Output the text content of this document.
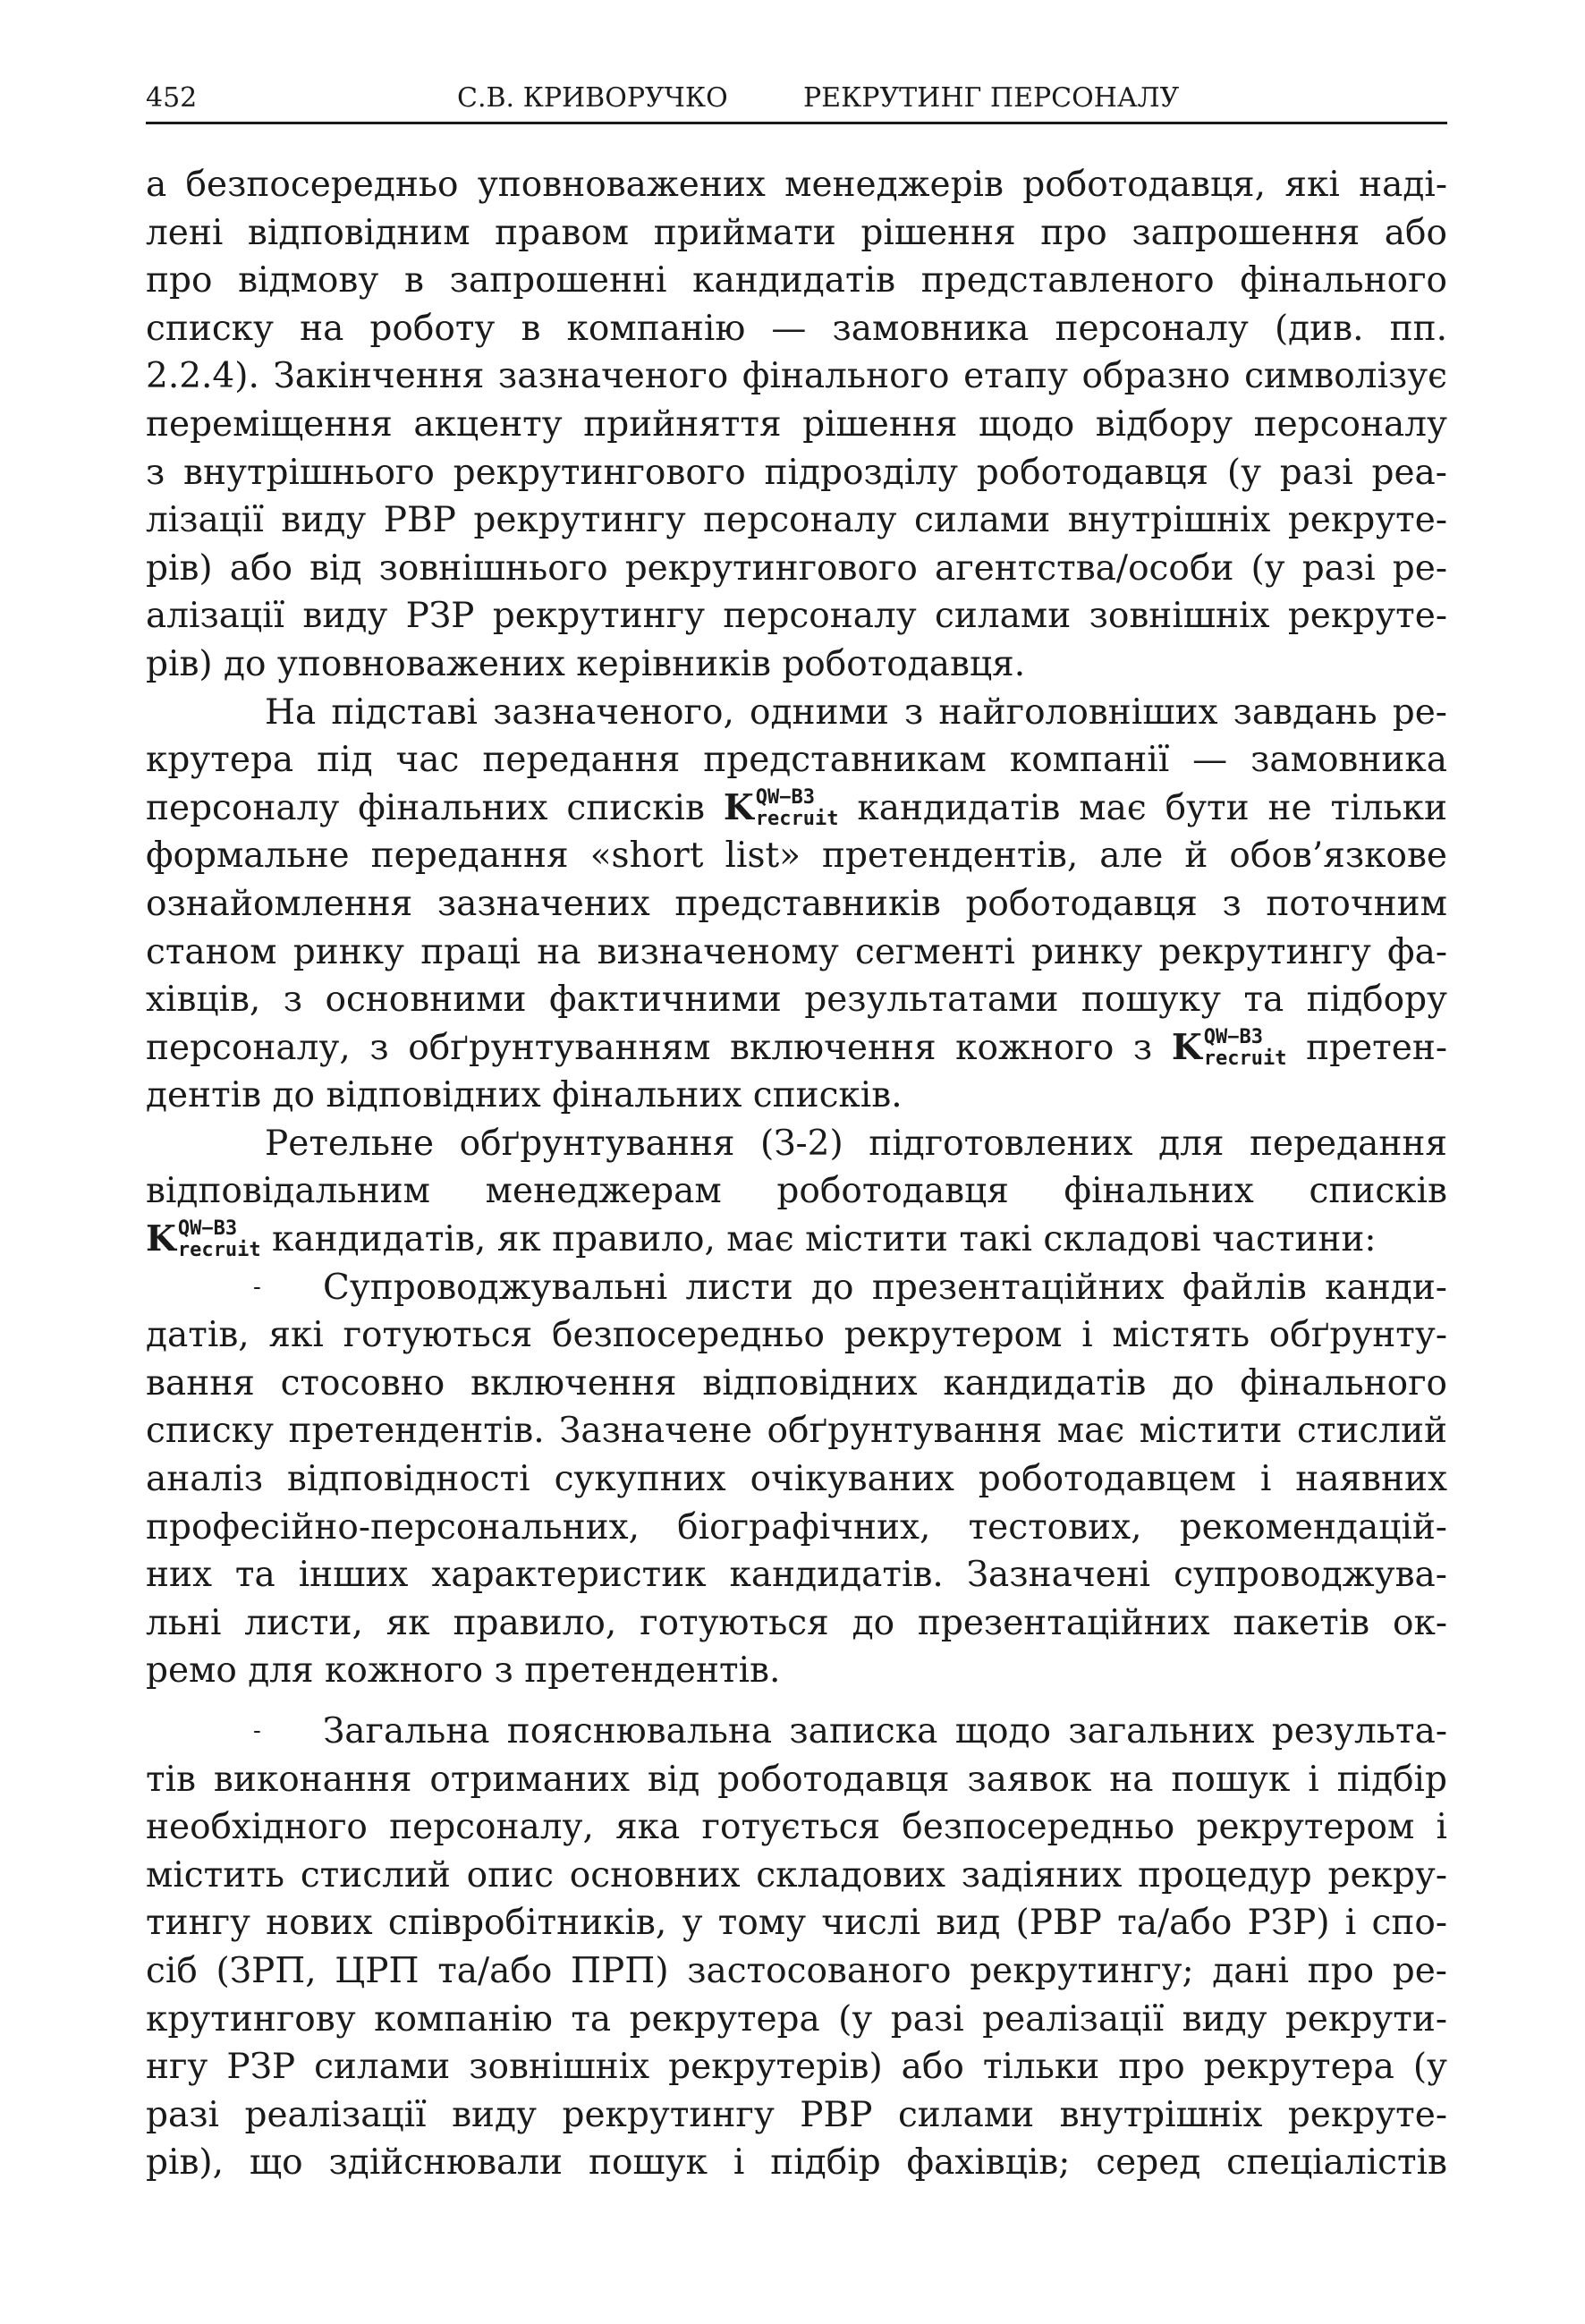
452	С.В. КРИВОРУЧКО	РЕКРУТИНГ ПЕРСОНАЛУ
а безпосередньо уповноважених менеджерів роботодавця, які наді-
лені відповідним правом приймати рішення про запрошення або
про відмову в запрошенні кандидатів представленого фінального
списку на роботу в компанію — замовника персоналу (див. пп.
2.2.4). Закінчення зазначеного фінального етапу образно символізує
переміщення акценту прийняття рішення щодо відбору персоналу
з внутрішнього рекрутингового підрозділу роботодавця (у разі реа-
лізації виду РВР рекрутингу персоналу силами внутрішніх рекруте-
рів) або від зовнішнього рекрутингового агентства/особи (у разі ре-
алізації виду РЗР рекрутингу персоналу силами зовнішніх рекруте-
рів) до уповноважених керівників роботодавця.
На підставі зазначеного, одними з найголовніших завдань ре-
крутера під час передання представникам компанії — замовника
персоналу фінальних списків K QW−B3
recruit кандидатів має бути не тільки
формальне передання «short list» претендентів, але й обов’язкове
ознайомлення зазначених представників роботодавця з поточним
станом ринку праці на визначеному сегменті ринку рекрутингу фа-
хівців, з основними фактичними результатами пошуку та підбору
персоналу, з обґрунтуванням включення кожного з K QW−B3
recruit претен-
дентів до відповідних фінальних списків.
Ретельне обґрунтування (З-2) підготовлених для передання
відповідальним менеджерам роботодавця фінальних списків
K QW−B3
recruit кандидатів, як правило, має містити такі складові частини:
- Супроводжувальні листи до презентаційних файлів канди-
датів, які готуються безпосередньо рекрутером і містять обґрунту-
вання стосовно включення відповідних кандидатів до фінального
списку претендентів. Зазначене обґрунтування має містити стислий
аналіз відповідності сукупних очікуваних роботодавцем і наявних
професійно-персональних, біографічних, тестових, рекомендацій-
них та інших характеристик кандидатів. Зазначені супроводжува-
льні листи, як правило, готуються до презентаційних пакетів ок-
ремо для кожного з претендентів.
- Загальна пояснювальна записка щодо загальних результа-
тів виконання отриманих від роботодавця заявок на пошук і підбір
необхідного персоналу, яка готується безпосередньо рекрутером і
містить стислий опис основних складових задіяних процедур рекру-
тингу нових співробітників, у тому числі вид (РВР та/або РЗР) і спо-
сіб (ЗРП, ЦРП та/або ПРП) застосованого рекрутингу; дані про ре-
крутингову компанію та рекрутера (у разі реалізації виду рекрути-
нгу РЗР силами зовнішніх рекрутерів) або тільки про рекрутера (у
разі реалізації виду рекрутингу РВР силами внутрішніх рекруте-
рів), що здійснювали пошук і підбір фахівців; серед спеціалістів
